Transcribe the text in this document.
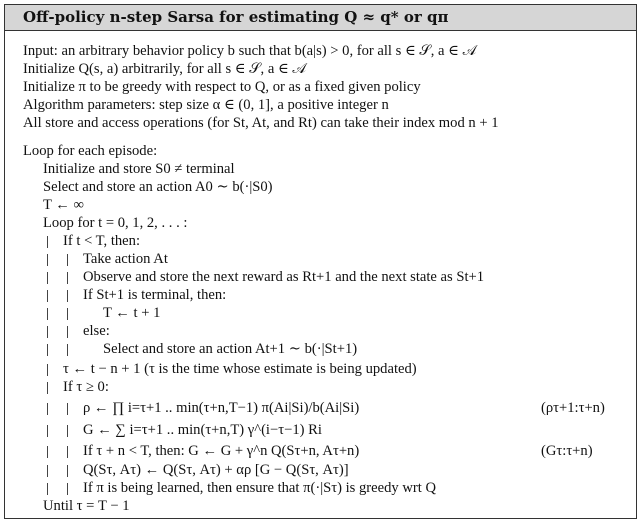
Off-policy n-step Sarsa for estimating Q ≈ q* or qπ
Input: an arbitrary behavior policy b such that b(a|s) > 0, for all s ∈ 𝒮, a ∈ 𝒜
Initialize Q(s, a) arbitrarily, for all s ∈ 𝒮, a ∈ 𝒜
Initialize π to be greedy with respect to Q, or as a fixed given policy
Algorithm parameters: step size α ∈ (0, 1], a positive integer n
All store and access operations (for St, At, and Rt) can take their index mod n + 1
Loop for each episode:
Initialize and store S0 ≠ terminal
Select and store an action A0 ∼ b(·|S0)
T ← ∞
Loop for t = 0, 1, 2, . . . :
If t < T, then:
Take action At
Observe and store the next reward as Rt+1 and the next state as St+1
If St+1 is terminal, then:
T ← t + 1
else:
Select and store an action At+1 ∼ b(·|St+1)
τ ← t − n + 1 (τ is the time whose estimate is being updated)
If τ ≥ 0:
ρ ← ∏ i=τ+1 .. min(τ+n,T−1) π(Ai|Si)/b(Ai|Si)	(ρτ+1:τ+n)
G ← ∑ i=τ+1 .. min(τ+n,T) γ^(i−τ−1) Ri
If τ + n < T, then: G ← G + γ^n Q(Sτ+n, Aτ+n)	(Gτ:τ+n)
Q(Sτ, Aτ) ← Q(Sτ, Aτ) + αρ [G − Q(Sτ, Aτ)]
If π is being learned, then ensure that π(·|Sτ) is greedy wrt Q
Until τ = T − 1
